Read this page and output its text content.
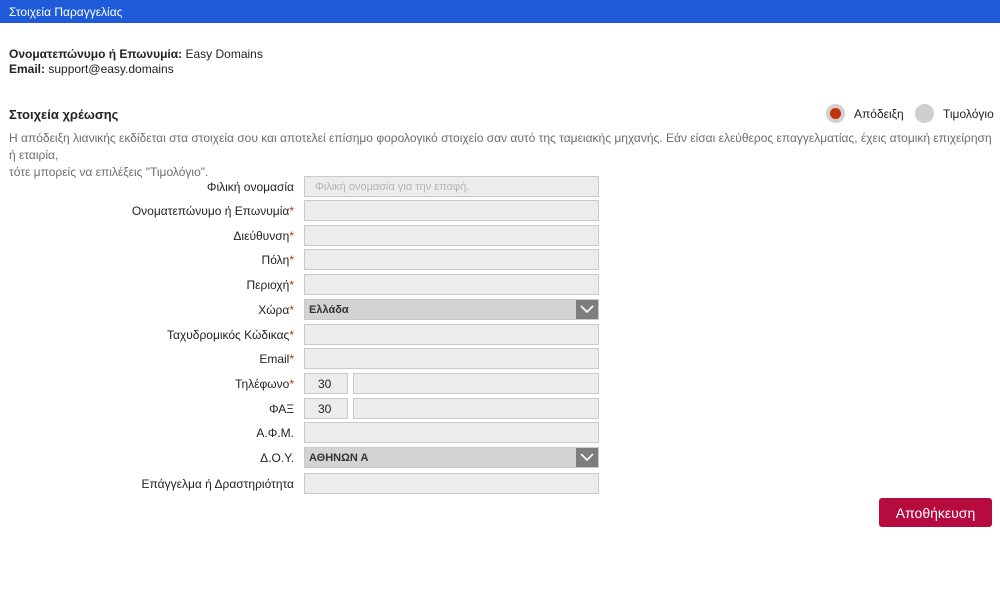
Στοιχεία Παραγγελίας
Ονοματεπώνυμο ή Επωνυμία: Easy Domains
Email: support@easy.domains
Στοιχεία χρέωσης	Απόδειξη	Τιμολόγιο
Η απόδειξη λιανικής εκδίδεται στα στοιχεία σου και αποτελεί επίσημο φορολογικό στοιχείο σαν αυτό της ταμειακής μηχανής. Εάν είσαι ελεύθερος επαγγελματίας, έχεις ατομική επιχείρηση ή εταιρία,
τότε μπορείς να επιλέξεις "Τιμολόγιο".
Φιλική ονομασία
Φιλική ονομασία για την επαφή.
Ονοματεπώνυμο ή Επωνυμία*
Διεύθυνση*
Πόλη*
Περιοχή*
Χώρα* Ελλάδα
Ταχυδρομικός Κώδικας*
Email*
Τηλέφωνο*
30
ΦΑΞ
30
Α.Φ.Μ.
Δ.Ο.Υ. ΑΘΗΝΩΝ Α
Επάγγελμα ή Δραστηριότητα
Αποθήκευση
